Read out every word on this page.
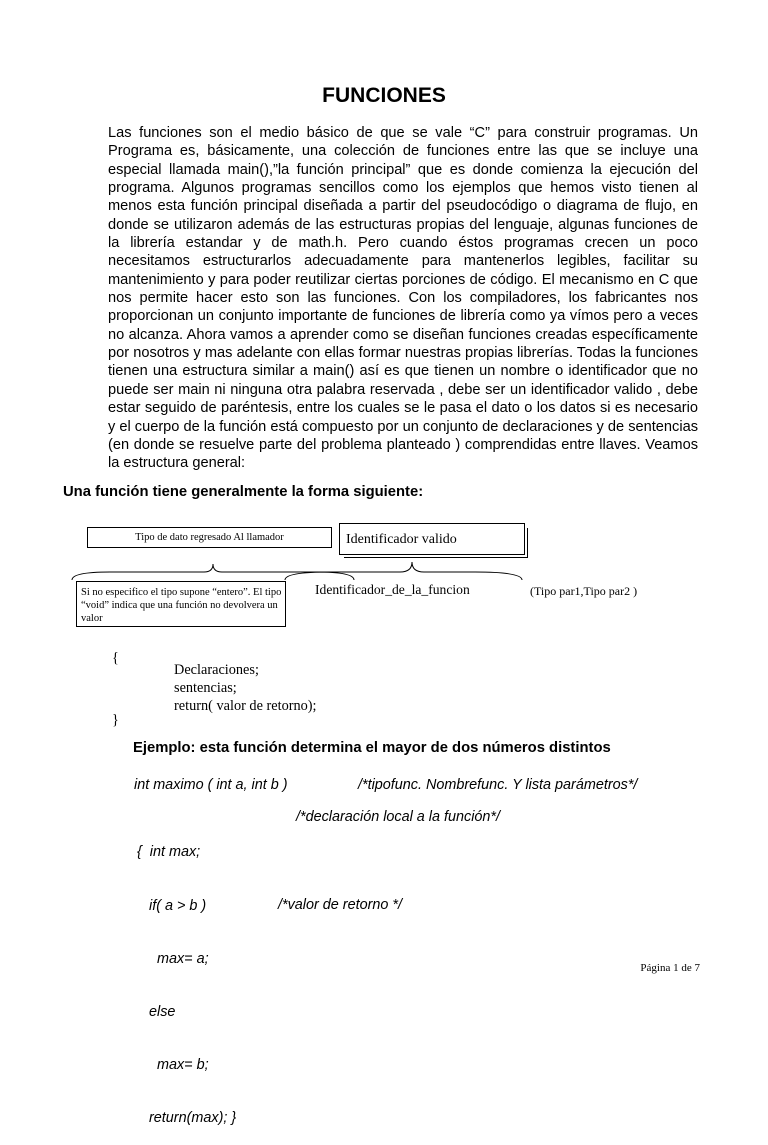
FUNCIONES
Las funciones son el medio básico de que se vale “C” para construir programas. Un Programa es, básicamente, una colección de funciones entre las que se incluye una especial llamada main(),”la función principal” que es donde comienza la ejecución del programa. Algunos programas sencillos como los ejemplos que hemos visto tienen al menos esta función principal diseñada a partir del pseudocódigo o diagrama de flujo, en donde se utilizaron además de las estructuras propias del lenguaje, algunas funciones de la librería estandar y de math.h. Pero cuando éstos programas crecen un poco necesitamos estructurarlos adecuadamente para mantenerlos legibles, facilitar su mantenimiento y para poder reutilizar ciertas porciones de código. El mecanismo en C que nos permite hacer esto son las funciones. Con los compiladores, los fabricantes nos proporcionan un conjunto importante de funciones de librería como ya vímos pero a veces no alcanza. Ahora vamos a aprender como se diseñan funciones creadas específicamente por nosotros y mas adelante con ellas formar nuestras propias librerías. Todas la funciones tienen una estructura similar a main() así es que tienen un nombre o identificador que no puede ser main ni ninguna otra palabra reservada , debe ser un identificador valido , debe estar seguido de paréntesis, entre los cuales se le pasa el dato o los datos si es necesario y el cuerpo de la función está compuesto por un conjunto de declaraciones y de sentencias (en donde se resuelve parte del problema planteado ) comprendidas entre llaves. Veamos la estructura general:
Una función tiene generalmente la forma siguiente:
Tipo de dato regresado Al llamador	Identificador valido
Si no especifico el tipo supone “entero”. El tipo “void” indica que una función no devolvera un valor
Identificador_de_la_funcion	(Tipo par1,Tipo par2 )
{
Declaraciones;
sentencias;
return( valor de retorno);
}
Ejemplo: esta función determina el mayor de dos números distintos
int maximo ( int a, int b )	/*tipofunc. Nombrefunc. Y lista parámetros*/

{  int max;

if( a > b )

max= a;

else

max= b;

return(max); }

/*declaración local a la función*/
/*valor de retorno */
Página 1 de 7
